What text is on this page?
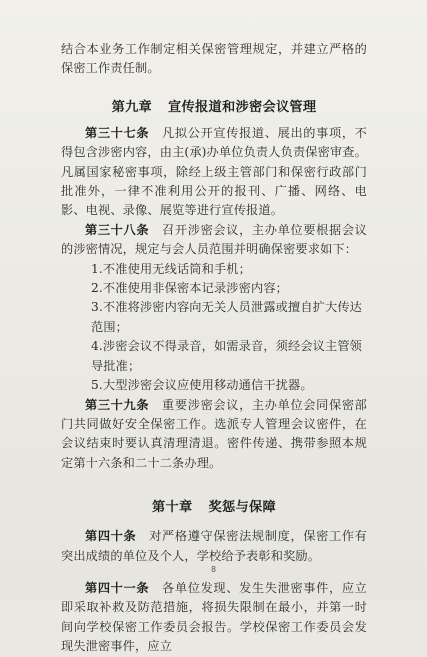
结合本业务工作制定相关保密管理规定，并建立严格的保密工作责任制。

第九章 宣传报道和涉密会议管理

第三十七条　 凡拟公开宣传报道、展出的事项，不得包含涉密内容，由主(承)办单位负责人负责保密审查。凡属国家秘密事项，除经上级主管部门和保密行政部门批准外，一律不准利用公开的报刊、广播、网络、电影、电视、录像、展览等进行宣传报道。

第三十八条　 召开涉密会议，主办单位要根据会议的涉密情况，规定与会人员范围并明确保密要求如下：

1.不准使用无线话筒和手机；

2.不准使用非保密本记录涉密内容；

3.不准将涉密内容向无关人员泄露或擅自扩大传达范围；

4.涉密会议不得录音，如需录音，须经会议主管领导批准；

5.大型涉密会议应使用移动通信干扰器。

第三十九条　 重要涉密会议，主办单位会同保密部门共同做好安全保密工作。选派专人管理会议密件，在会议结束时要认真清理清退。密件传递、携带参照本规定第十六条和二十二条办理。

第十章 奖惩与保障

第四十条　 对严格遵守保密法规制度，保密工作有突出成绩的单位及个人，学校给予表彰和奖励。

第四十一条　 各单位发现、发生失泄密事件，应立即采取补救及防范措施，将损失限制在最小，并第一时间向学校保密工作委员会报告。学校保密工作委员会发现失泄密事件，应立

8
